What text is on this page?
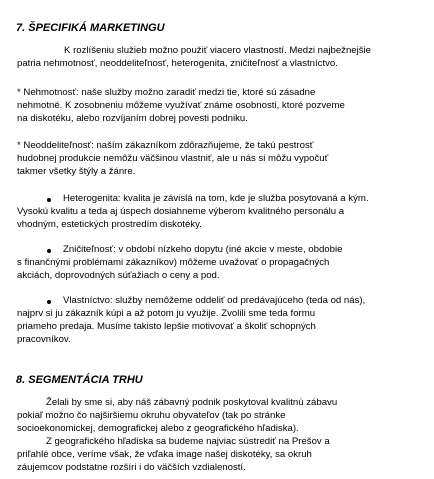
7. ŠPECIFIKÁ MARKETINGU

K rozlíšeniu služieb možno použiť viacero vlastností. Medzi najbežnejšie

patria nehmotnosť, neoddeliteľnosť, heterogenita, zničiteľnosť a vlastníctvo.

* Nehmotnosť: naše služby možno zaradiť medzi tie, ktoré sú zásadne

nehmotné. K zosobneniu môžeme využívať známe osobnosti, ktoré pozveme

na diskotéku, alebo rozvíjaním dobrej povesti podniku.

* Neoddeliteľnosť: naším zákazníkom zdôrazňujeme, že takú pestrosť

hudobnej produkcie nemôžu väčšinou vlastniť, ale u nás si môžu vypočuť

takmer všetky štýly a žánre.

Heterogenita: kvalita je závislá na tom, kde je služba posytovaná a kým.

Vysokú kvalitu a teda aj úspech dosiahneme výberom kvalitného personálu a

vhodným, estetických prostredím diskotéky.

Zničiteľnosť: v období nízkeho dopytu (iné akcie v meste, obdobie

s finančnými problémami zákazníkov) môžeme uvažovať o propagačných

akciách, doprovodných súťažiach o ceny a pod.

Vlastníctvo: služby nemôžeme oddeliť od predávajúceho (teda od nás),

najprv si ju zákazník kúpi a až potom ju využije. Zvolili sme teda formu

priameho predaja. Musíme takisto lepšie motivovať a školiť schopných

pracovníkov.

8. SEGMENTÁCIA TRHU

Želali by sme si, aby náš zábavný podnik poskytoval kvalitnú zábavu

pokiaľ možno čo najširšiemu okruhu obyvateľov (tak po stránke

socioekonomickej, demografickej alebo z geografického hľadiska).

Z geografického hľadiska sa budeme najviac sústrediť na Prešov a

priľahlé obce, veríme však, že vďaka image našej diskotéky, sa okruh

záujemcov podstatne rozšíri i do väčších vzdialeností.
